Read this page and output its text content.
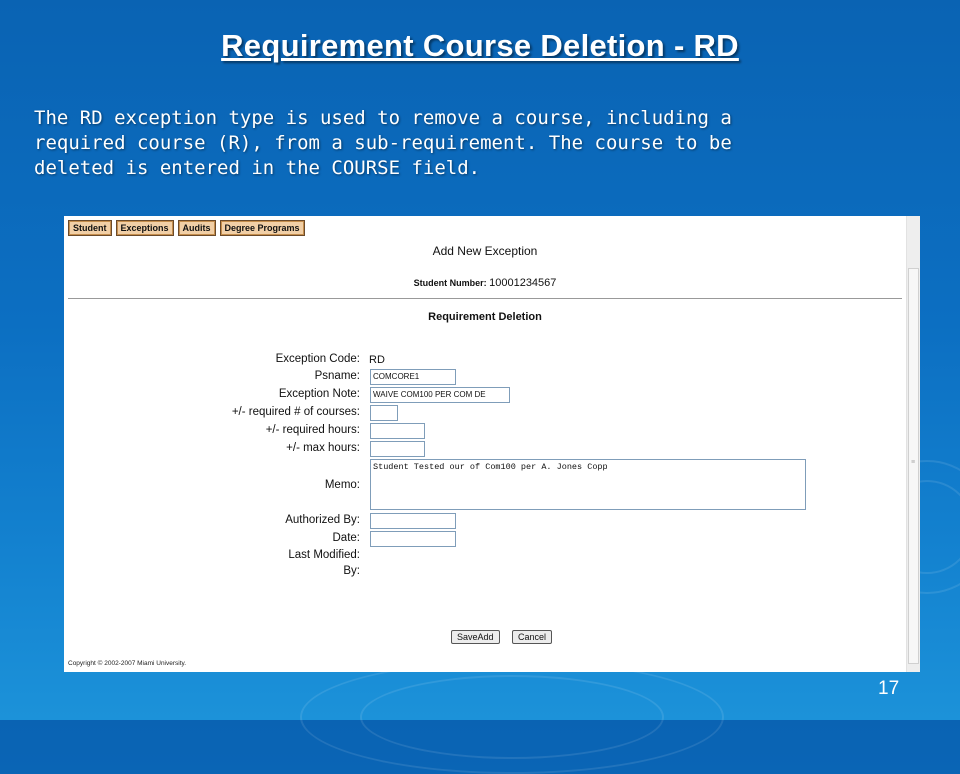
Requirement Course Deletion - RD
The RD exception type is used to remove a course, including a
required course (R), from a sub-requirement. The course to be
deleted is entered in the COURSE field.
17
Student	Exceptions	Audits	Degree Programs
Add New Exception
Student Number: 10001234567
Requirement Deletion
Exception Code: RD
Psname:	COMCORE1
Exception Note:	WAIVE COM100 PER COM DE
+/- required # of courses:
+/- required hours:
+/- max hours:
Memo:
Student Tested our of Com100 per A. Jones Copp
Authorized By:
Date:
Last Modified:
By:
SaveAdd	Cancel
Copyright © 2002-2007 Miami University.
≡
